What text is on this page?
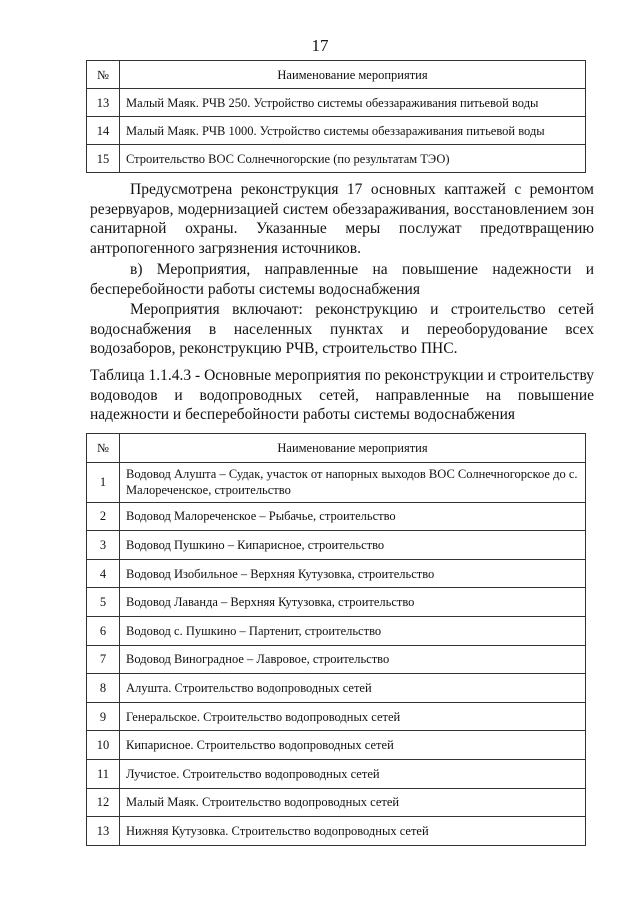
17
№	Наименование мероприятия
13	Малый Маяк. РЧВ 250. Устройство системы обеззараживания питьевой воды
14	Малый Маяк. РЧВ 1000. Устройство системы обеззараживания питьевой воды
15	Строительство ВОС Солнечногорские (по результатам ТЭО)

Предусмотрена реконструкция 17 основных каптажей с ремонтом резервуаров, модернизацией систем обеззараживания, восстановлением зон санитарной охраны. Указанные меры послужат предотвращению антропогенного загрязнения источников.

в) Мероприятия, направленные на повышение надежности и бесперебойности работы системы водоснабжения

Мероприятия включают: реконструкцию и строительство сетей водоснабжения в населенных пунктах и переоборудование всех водозаборов, реконструкцию РЧВ, строительство ПНС.

Таблица 1.1.4.3 - Основные мероприятия по реконструкции и строительству водоводов и водопроводных сетей, направленные на повышение надежности и бесперебойности работы системы водоснабжения

№	Наименование мероприятия
1	Водовод Алушта – Судак, участок от напорных выходов ВОС Солнечногорское до с. Малореченское, строительство
2	Водовод Малореченское – Рыбачье, строительство
3	Водовод Пушкино – Кипарисное, строительство
4	Водовод Изобильное – Верхняя Кутузовка, строительство
5	Водовод Лаванда – Верхняя Кутузовка, строительство
6	Водовод с. Пушкино – Партенит, строительство
7	Водовод Виноградное – Лавровое, строительство
8	Алушта. Строительство водопроводных сетей
9	Генеральское. Строительство водопроводных сетей
10	Кипарисное. Строительство водопроводных сетей
11	Лучистое. Строительство водопроводных сетей
12	Малый Маяк. Строительство водопроводных сетей
13	Нижняя Кутузовка. Строительство водопроводных сетей
